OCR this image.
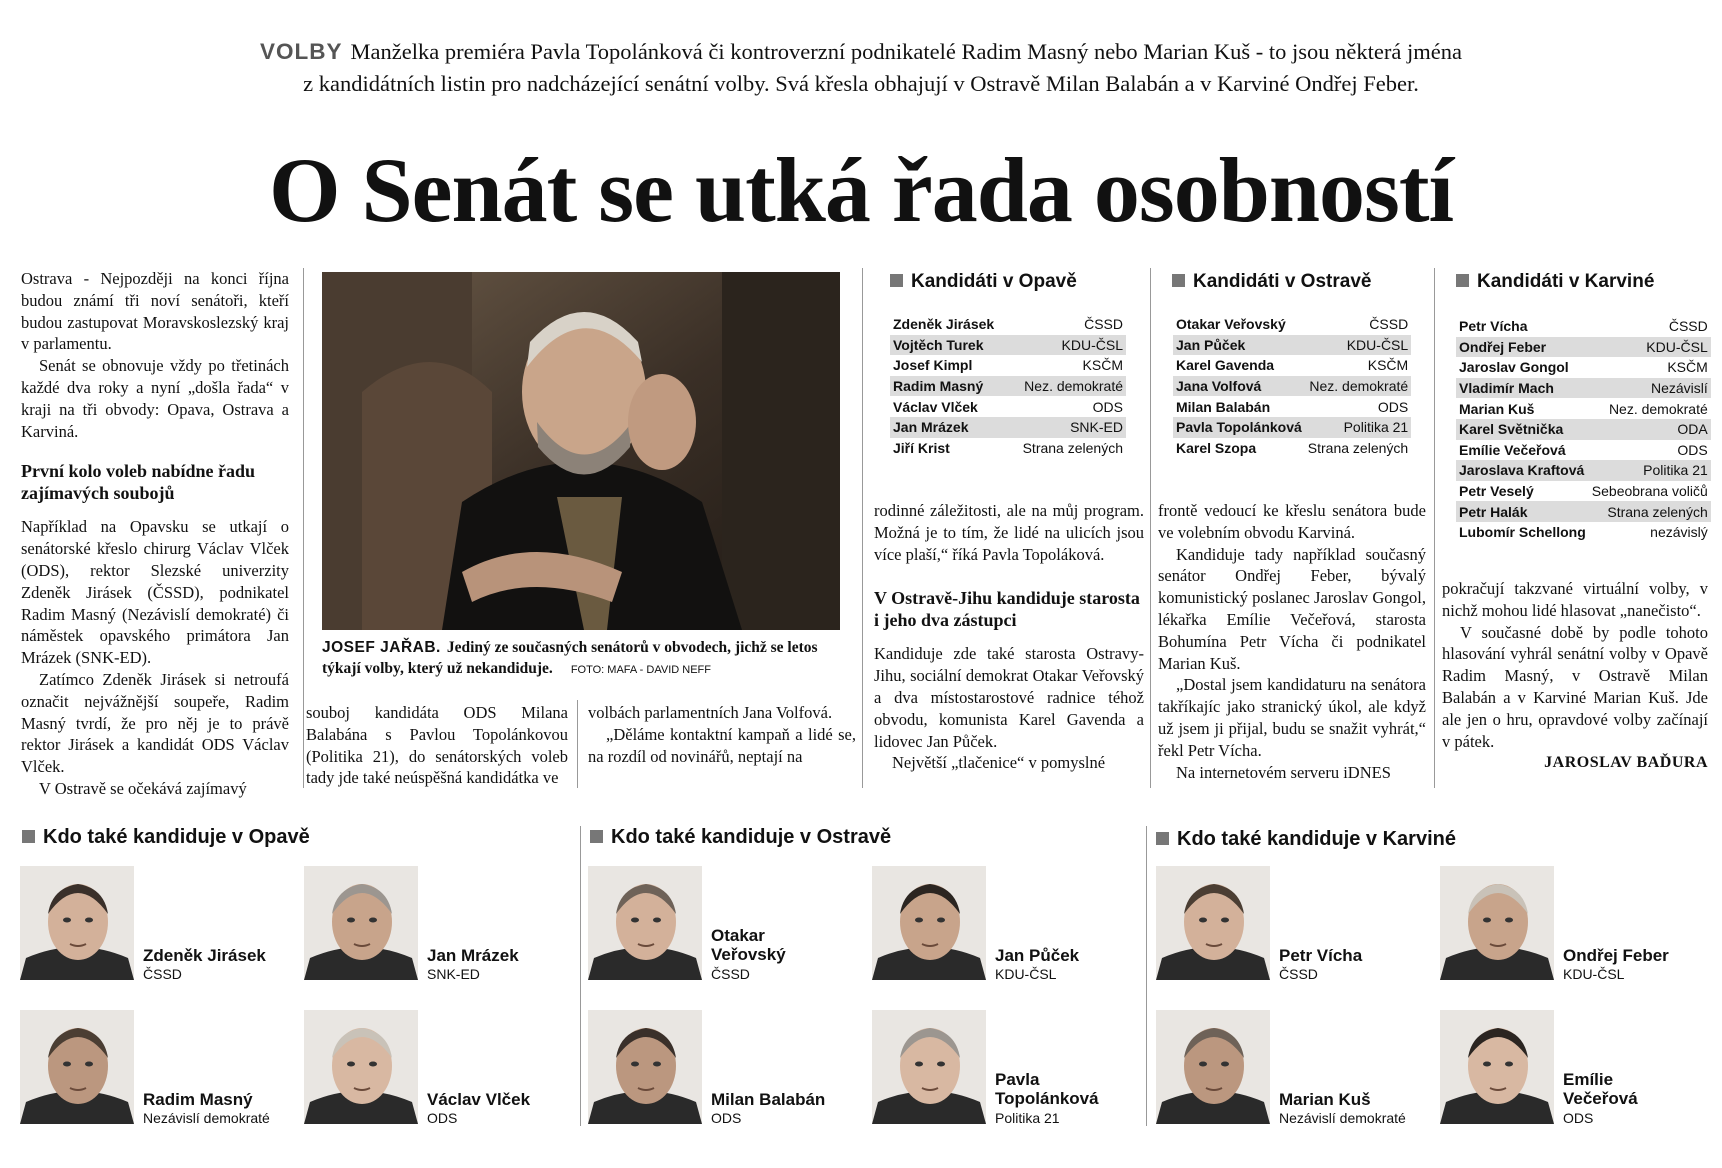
VOLBY Manželka premiéra Pavla Topolánková či kontroverzní podnikatelé Radim Masný nebo Marian Kuš - to jsou některá jména
z kandidátních listin pro nadcházející senátní volby. Svá křesla obhajují v Ostravě Milan Balabán a v Karviné Ondřej Feber.
O Senát se utká řada osobností

Ostrava - Nejpozději na konci října budou známí tři noví senátoři, kteří budou zastupovat Moravskoslezský kraj v parlamentu.

Senát se obnovuje vždy po třetinách každé dva roky a nyní „došla řada“ v kraji na tři obvody: Opava, Ostrava a Karviná.

První kolo voleb nabídne řadu zajímavých soubojů

Například na Opavsku se utkají o senátorské křeslo chirurg Václav Vlček (ODS), rektor Slezské univerzity Zdeněk Jirásek (ČSSD), podnikatel Radim Masný (Nezávislí demokraté) či náměstek opavského primátora Jan Mrázek (SNK-ED).

Zatímco Zdeněk Jirásek si netroufá označit nejvážnější soupeře, Radim Masný tvrdí, že pro něj je to právě rektor Jirásek a kandidát ODS Václav Vlček.

V Ostravě se očekává zajímavý

JOSEF JAŘAB. Jediný ze současných senátorů v obvodech, jichž se letos týkají volby, který už nekandiduje. FOTO: MAFA - DAVID NEFF

souboj kandidáta ODS Milana Balabána s Pavlou Topolánkovou (Politika 21), do senátorských voleb tady jde také neúspěšná kandidátka ve

volbách parlamentních Jana Volfová.

„Děláme kontaktní kampaň a lidé se, na rozdíl od novinářů, neptají na

Kandidáti v Opavě
Zdeněk Jirásek	ČSSD
Vojtěch Turek	KDU-ČSL
Josef Kimpl	KSČM
Radim Masný	Nez. demokraté
Václav Vlček	ODS
Jan Mrázek	SNK-ED
Jiří Krist	Strana zelených

rodinné záležitosti, ale na můj program. Možná je to tím, že lidé na ulicích jsou více plaší,“ říká Pavla Topoláková.

V Ostravě-Jihu kandiduje starosta i jeho dva zástupci

Kandiduje zde také starosta Ostravy-Jihu, sociální demokrat Otakar Veřovský a dva místostarostové radnice téhož obvodu, komunista Karel Gavenda a lidovec Jan Půček.

Největší „tlačenice“ v pomyslné

Kandidáti v Ostravě
Otakar Veřovský	ČSSD
Jan Půček	KDU-ČSL
Karel Gavenda	KSČM
Jana Volfová	Nez. demokraté
Milan Balabán	ODS
Pavla Topolánková	Politika 21
Karel Szopa	Strana zelených

frontě vedoucí ke křeslu senátora bude ve volebním obvodu Karviná.

Kandiduje tady například současný senátor Ondřej Feber, bývalý komunistický poslanec Jaroslav Gongol, lékařka Emílie Večeřová, starosta Bohumína Petr Vícha či podnikatel Marian Kuš.

„Dostal jsem kandidaturu na senátora takříkajíc jako stranický úkol, ale když už jsem ji přijal, budu se snažit vyhrát,“ řekl Petr Vícha.

Na internetovém serveru iDNES

Kandidáti v Karviné
Petr Vícha	ČSSD
Ondřej Feber	KDU-ČSL
Jaroslav Gongol	KSČM
Vladimír Mach	Nezávislí
Marian Kuš	Nez. demokraté
Karel Světnička	ODA
Emílie Večeřová	ODS
Jaroslava Kraftová	Politika 21
Petr Veselý	Sebeobrana voličů
Petr Halák	Strana zelených
Lubomír Schellong	nezávislý

pokračují takzvané virtuální volby, v nichž mohou lidé hlasovat „nanečisto“.

V současné době by podle tohoto hlasování vyhrál senátní volby v Opavě Radim Masný, v Ostravě Milan Balabán a v Karviné Marian Kuš. Jde ale jen o hru, opravdové volby začínají v pátek.

JAROSLAV BAĎURA
Kdo také kandiduje v Opavě	Kdo také kandiduje v Ostravě	Kdo také kandiduje v Karviné
Zdeněk Jirásek
ČSSD
Jan Mrázek
SNK-ED
Radim Masný
Nezávislí demokraté
Václav Vlček
ODS
Otakar Veřovský
ČSSD
Jan Půček
KDU-ČSL
Milan Balabán
ODS
Pavla Topolánková
Politika 21
Petr Vícha
ČSSD
Ondřej Feber
KDU-ČSL
Marian Kuš
Nezávislí demokraté
Emílie Večeřová
ODS
